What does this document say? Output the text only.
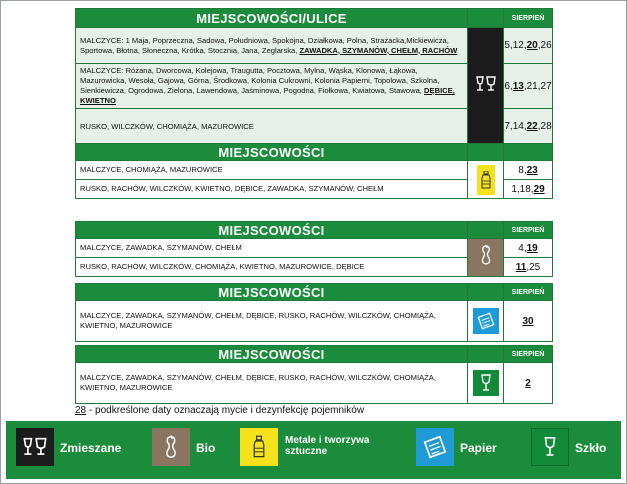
MIEJSCOWOŚCI/ULICE		SIERPIEŃ
MALCZYCE: 1 Maja, Poprzeczna, Sadowa, Południowa, Spokojna, Działkowa, Polna, Strażacka,Mickiewicza, Sportowa, Błotna, Słoneczna, Krótka, Stocznia, Jana, Zeglarska, ZAWADKA, SZYMANÓW, CHEŁM, RACHÓW		5,12,20,26
MALCZYCE: Różana, Dworcowa, Kolejowa, Traugutta, Pocztowa, Mylna, Wąska, Klonowa, Łąkowa, Mazurowicka, Wesoła, Gajowa, Górna, Środkowa, Kolonia Cukrowni, Kolonia Papierni, Topolowa, Szkolna, Sienkiewicza, Ogrodowa, Zielona, Lawendowa, Jaśminowa, Pogodna, Fiołkowa, Kwiatowa, Stawowa, DĘBICE, KWIETNO		6,13,21,27
RUSKO, WILCZKÓW, CHOMIĄŻA, MAZUROWICE		7,14,22,28
MIEJSCOWOŚCI		
MALCZYCE, CHOMIĄŻA, MAZUROWICE		8,23
RUSKO, RACHÓW, WILCZKÓW, KWIETNO, DĘBICE, ZAWADKA, SZYMANÓW, CHEŁM		1,18,29
MIEJSCOWOŚCI		SIERPIEŃ
MALCZYCE, ZAWADKA, SZYMANÓW, CHEŁM		4,19
RUSKO, RACHÓW, WILCZKÓW, CHOMIĄŻA, KWIETNO, MAZUROWICE, DĘBICE		11,25
MIEJSCOWOŚCI		SIERPIEŃ
MALCZYCE, ZAWADKA, SZYMANÓW, CHEŁM, DĘBICE, RUSKO, RACHÓW, WILCZKÓW, CHOMIĄŻA, KWIETNO, MAZUROWICE		30
MIEJSCOWOŚCI		SIERPIEŃ
MALCZYCE, ZAWADKA, SZYMANÓW, CHEŁM, DĘBICE, RUSKO, RACHÓW, WILCZKÓW, CHOMIĄŻA, KWIETNO, MAZUROWICE		2
28 - podkreślone daty oznaczają mycie i dezynfekcję pojemników
Zmieszane	Bio
Metale i tworzywa
sztuczne	Papier	Szkło
